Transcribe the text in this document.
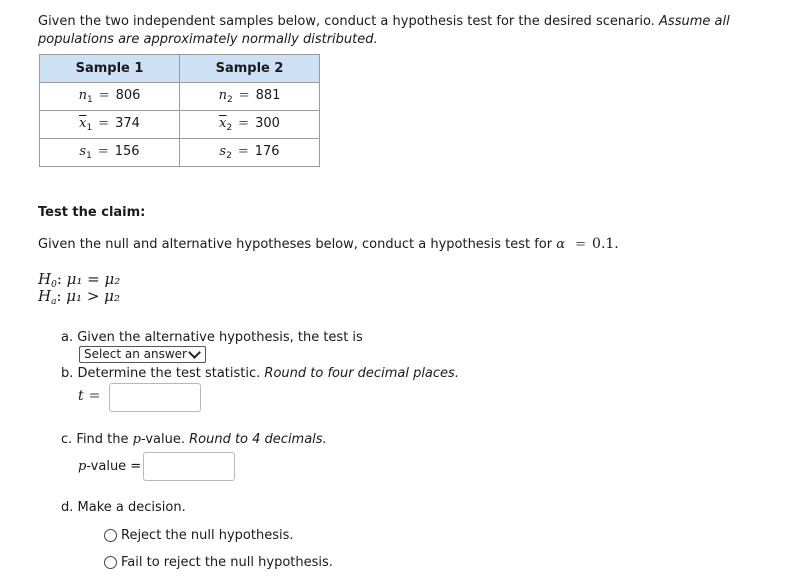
Given the two independent samples below, conduct a hypothesis test for the desired scenario. Assume all populations are approximately normally distributed.
Sample 1	Sample 2
$n_1 = 806$	$n_2 = 881$
$\overline{x}_1 = 374$	$\overline{x}_2 = 300$
$s_1 = 156$	$s_2 = 176$
Test the claim:
Given the null and alternative hypotheses below, conduct a hypothesis test for α = 0.1.
$H_0$: μ₁ = μ₂
$H_a$: μ₁ > μ₂
a. Given the alternative hypothesis, the test is
Select an answer
b. Determine the test statistic. Round to four decimal places.
t =
c. Find the p-value. Round to 4 decimals.
p-value =
d. Make a decision.
Reject the null hypothesis.
Fail to reject the null hypothesis.
